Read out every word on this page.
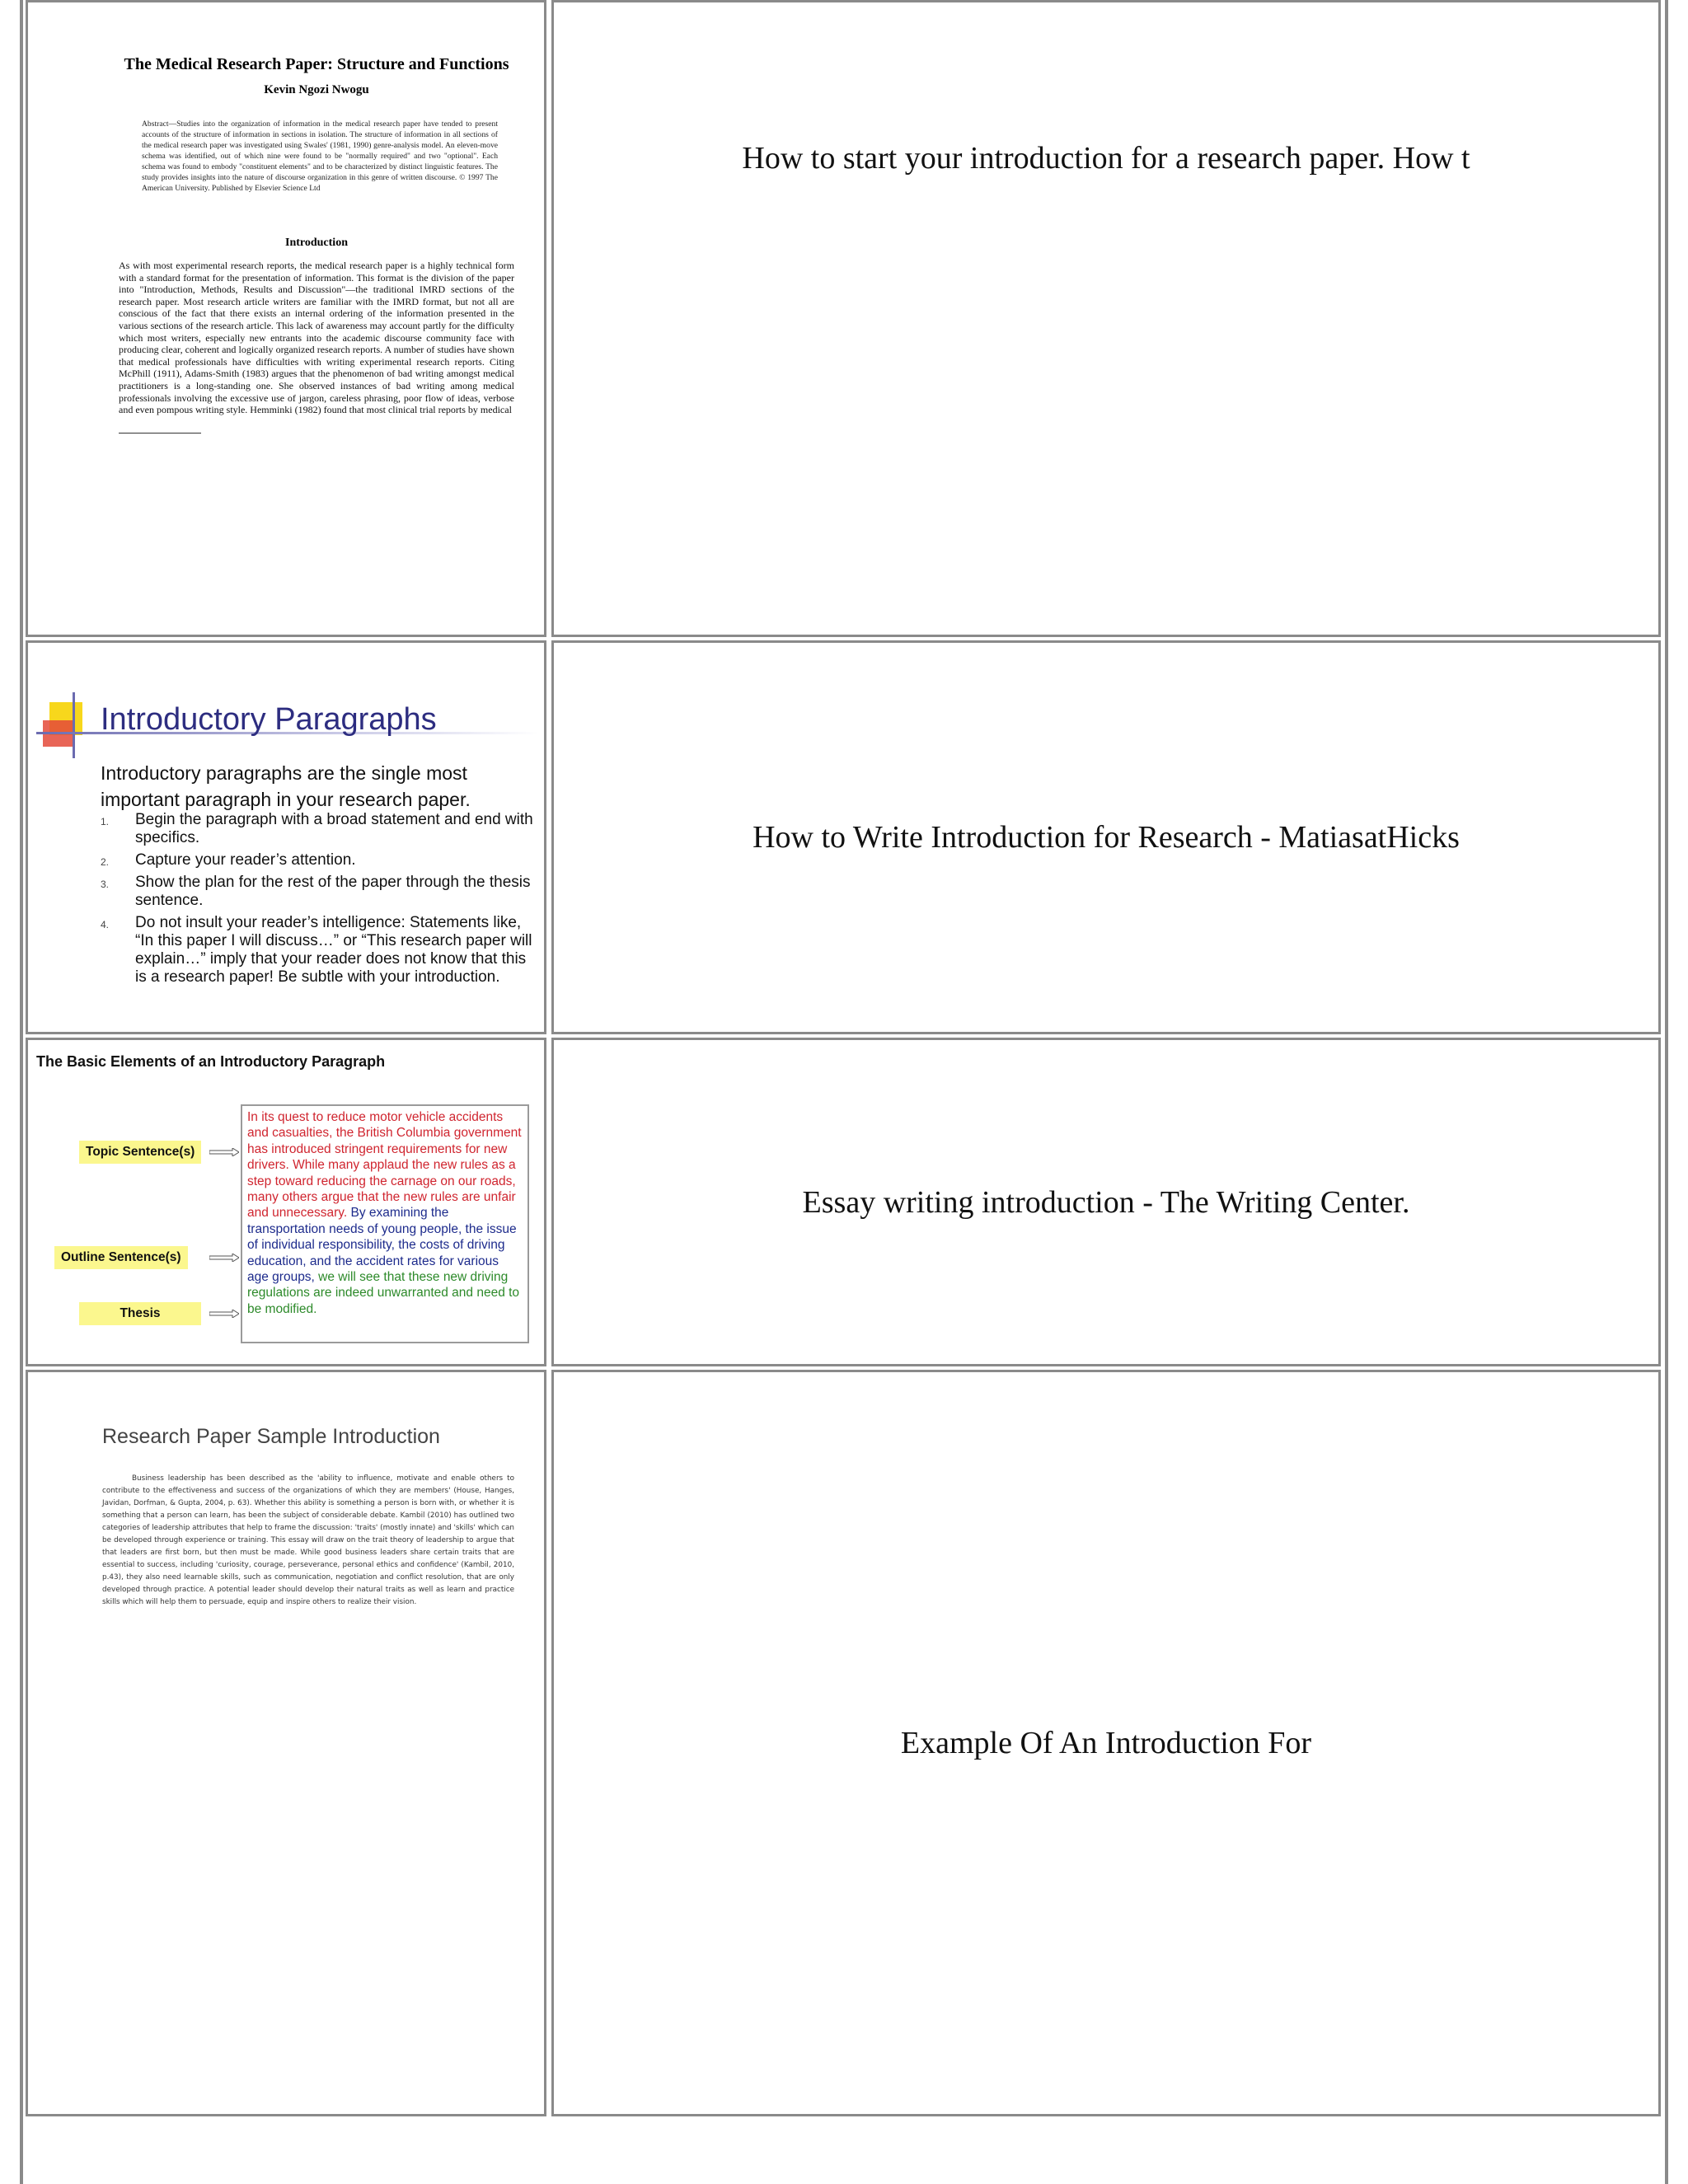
The Medical Research Paper: Structure and Functions
Kevin Ngozi Nwogu
Abstract—Studies into the organization of information in the medical research paper have tended to present accounts of the structure of information in sections in isolation. The structure of information in all sections of the medical research paper was investigated using Swales' (1981, 1990) genre-analysis model. An eleven-move schema was identified, out of which nine were found to be "normally required" and two "optional". Each schema was found to embody "constituent elements" and to be characterized by distinct linguistic features. The study provides insights into the nature of discourse organization in this genre of written discourse. © 1997 The American University. Published by Elsevier Science Ltd
Introduction
As with most experimental research reports, the medical research paper is a highly technical form with a standard format for the presentation of information. This format is the division of the paper into "Introduction, Methods, Results and Discussion"—the traditional IMRD sections of the research paper. Most research article writers are familiar with the IMRD format, but not all are conscious of the fact that there exists an internal ordering of the information presented in the various sections of the research article. This lack of awareness may account partly for the difficulty which most writers, especially new entrants into the academic discourse community face with producing clear, coherent and logically organized research reports. A number of studies have shown that medical professionals have difficulties with writing experimental research reports. Citing McPhill (1911), Adams-Smith (1983) argues that the phenomenon of bad writing amongst medical practitioners is a long-standing one. She observed instances of bad writing among medical professionals involving the excessive use of jargon, careless phrasing, poor flow of ideas, verbose and even pompous writing style. Hemminki (1982) found that most clinical trial reports by medical
How to start your introduction for a research paper. How t
Introductory Paragraphs
Introductory paragraphs are the single most important paragraph in your research paper.
1. Begin the paragraph with a broad statement and end with specifics.
2. Capture your reader’s attention.
3. Show the plan for the rest of the paper through the thesis sentence.
4. Do not insult your reader’s intelligence: Statements like, “In this paper I will discuss…” or “This research paper will explain…” imply that your reader does not know that this is a research paper! Be subtle with your introduction.
How to Write Introduction for Research - MatiasatHicks
The Basic Elements of an Introductory Paragraph
Topic Sentence(s)
Outline Sentence(s)
Thesis
In its quest to reduce motor vehicle accidents and casualties, the British Columbia government has introduced stringent requirements for new drivers. While many applaud the new rules as a step toward reducing the carnage on our roads, many others argue that the new rules are unfair and unnecessary. By examining the transportation needs of young people, the issue of individual responsibility, the costs of driving education, and the accident rates for various age groups, we will see that these new driving regulations are indeed unwarranted and need to be modified.
Essay writing introduction - The Writing Center.
Research Paper Sample Introduction
Business leadership has been described as the 'ability to influence, motivate and enable others to contribute to the effectiveness and success of the organizations of which they are members' (House, Hanges, Javidan, Dorfman, & Gupta, 2004, p. 63). Whether this ability is something a person is born with, or whether it is something that a person can learn, has been the subject of considerable debate. Kambil (2010) has outlined two categories of leadership attributes that help to frame the discussion: 'traits' (mostly innate) and 'skills' which can be developed through experience or training. This essay will draw on the trait theory of leadership to argue that that leaders are first born, but then must be made. While good business leaders share certain traits that are essential to success, including 'curiosity, courage, perseverance, personal ethics and confidence' (Kambil, 2010, p.43), they also need learnable skills, such as communication, negotiation and conflict resolution, that are only developed through practice. A potential leader should develop their natural traits as well as learn and practice skills which will help them to persuade, equip and inspire others to realize their vision.
Example Of An Introduction For
